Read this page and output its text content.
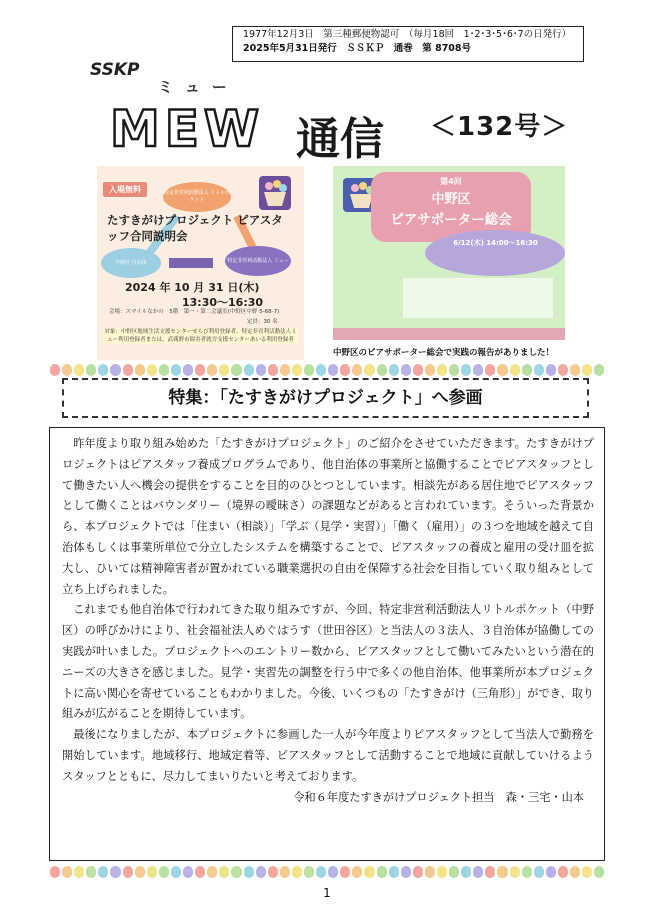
1977年12月3日　第三種郵便物認可　（毎月18回　1･2･3･5･6･7の日発行）
2025年5月31日発行　ＳＳＫＰ　通巻　第 8708号
SSKP
ミュー
MEW 通信 ＜132号＞
入場無料	特定非営利活動法人 リトルポケット
たすきがけプロジェクト ピアスタッフ合同説明会
中野区 自治体	特定非営利活動法人 ミュー
2024 年 10 月 31 日(木)
13:30～16:30
会場：スマイルなかの　5階　第一・第二会議室(中野区中野 5-68-7)
定員：30 名
対象：中野区地域生活支援センターせらぴ利用登録者、特定非営利活動法人ミュー利用登録者または、武蔵野市障害者就労支援センターあいる利用登録者
第4回
中野区
ピアサポーター総会
6/12(木) 14:00～16:30
中野区のピアサポーター総会で実践の報告がありました！
特集：「たすきがけプロジェクト」へ参画

昨年度より取り組み始めた「たすきがけプロジェクト」のご紹介をさせていただきます。たすきがけプロジェクトはピアスタッフ養成プログラムであり、他自治体の事業所と協働することでピアスタッフとして働きたい人へ機会の提供をすることを目的のひとつとしています。相談先がある居住地でピアスタッフとして働くことはバウンダリー（境界の曖昧さ）の課題などがあると言われています。そういった背景から、本プロジェクトでは「住まい（相談）」「学ぶ（見学・実習）」「働く（雇用）」の３つを地域を越えて自治体もしくは事業所単位で分立したシステムを構築することで、ピアスタッフの養成と雇用の受け皿を拡大し、ひいては精神障害者が置かれている職業選択の自由を保障する社会を目指していく取り組みとして立ち上げられました。

これまでも他自治体で行われてきた取り組みですが、今回、特定非営利活動法人リトルポケット（中野区）の呼びかけにより、社会福祉法人めぐはうす（世田谷区）と当法人の３法人、３自治体が協働しての実践が叶いました。プロジェクトへのエントリー数から、ピアスタッフとして働いてみたいという潜在的ニーズの大きさを感じました。見学・実習先の調整を行う中で多くの他自治体、他事業所が本プロジェクトに高い関心を寄せていることもわかりました。今後、いくつもの「たすきがけ（三角形）」ができ、取り組みが広がることを期待しています。

最後になりましたが、本プロジェクトに参画した一人が今年度よりピアスタッフとして当法人で勤務を開始しています。地域移行、地域定着等、ピアスタッフとして活動することで地域に貢献していけるようスタッフとともに、尽力してまいりたいと考えております。

令和６年度たすきがけプロジェクト担当　森・三宅・山本
1
